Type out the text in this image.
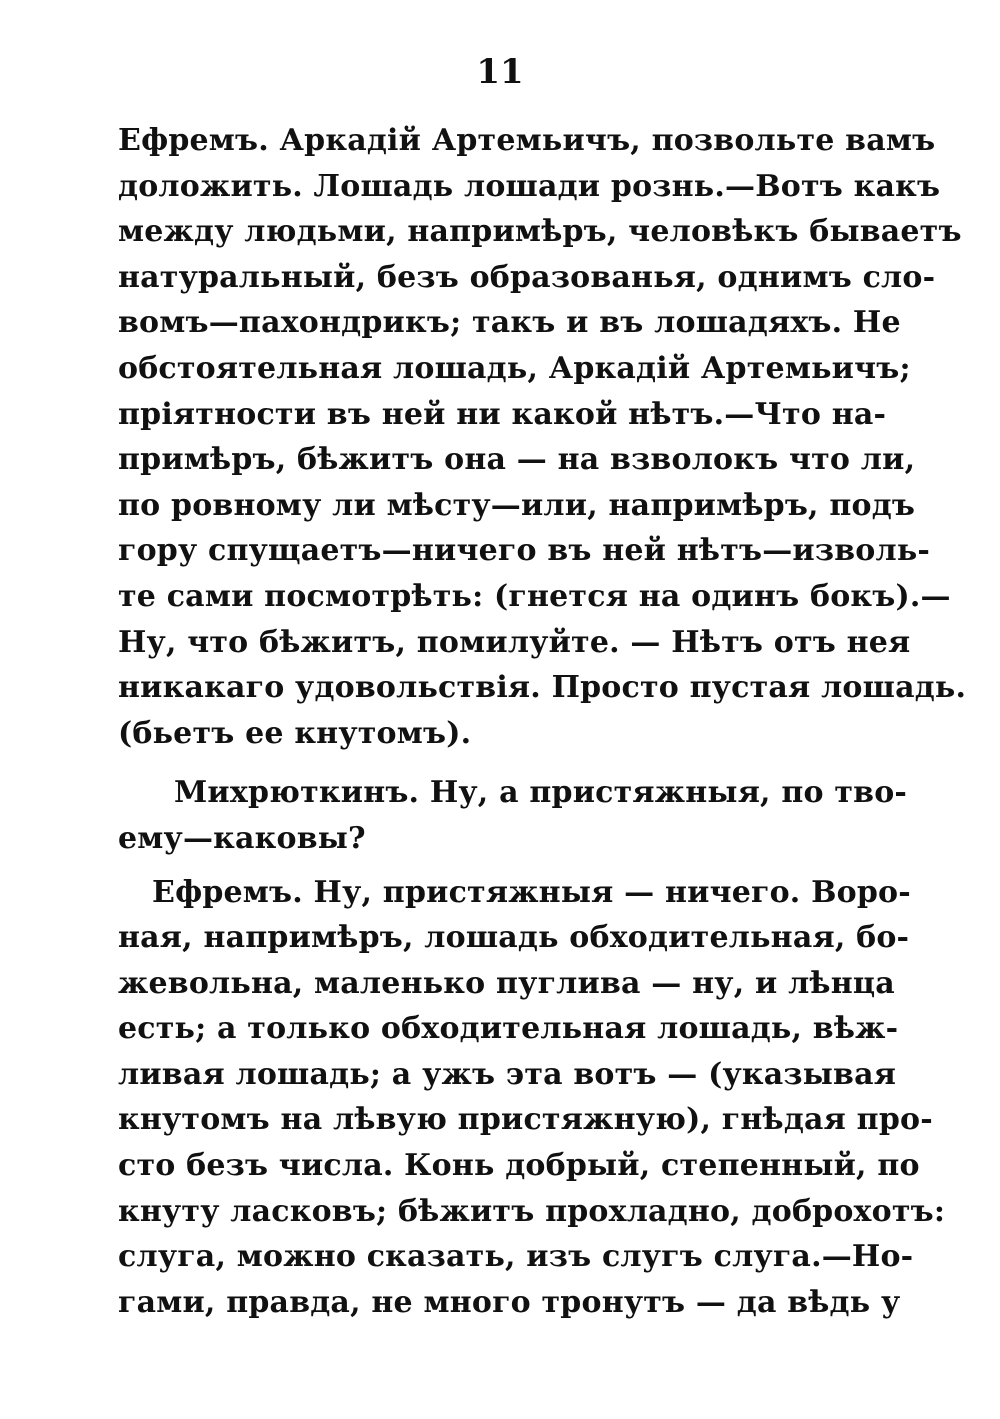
11
Ефремъ. Аркадій Артемьичъ, позвольте вамъ
доложить. Лошадь лошади рознь.—Вотъ какъ
между людьми, напримѣръ, человѣкъ бываетъ
натуральный, безъ образованья, однимъ сло-
вомъ—пахондрикъ; такъ и въ лошадяхъ. Не
обстоятельная лошадь, Аркадій Артемьичъ;
пріятности въ ней ни какой нѣтъ.—Что на-
примѣръ, бѣжитъ она — на взволокъ что ли,
по ровному ли мѣсту—или, напримѣръ, подъ
гору спущаетъ—ничего въ ней нѣтъ—изволь-
те сами посмотрѣть: (гнется на одинъ бокъ).—
Ну, что бѣжитъ, помилуйте. — Нѣтъ отъ нея
никакаго удовольствія. Просто пустая лошадь.
(бьетъ ее кнутомъ).
Михрюткинъ. Ну, а пристяжныя, по тво-
ему—каковы?
Ефремъ. Ну, пристяжныя — ничего. Воро-
ная, напримѣръ, лошадь обходительная, бо-
жевольна, маленько пуглива — ну, и лѣнца
есть; а только обходительная лошадь, вѣж-
ливая лошадь; а ужъ эта вотъ — (указывая
кнутомъ на лѣвую пристяжную), гнѣдая про-
сто безъ числа. Конь добрый, степенный, по
кнуту ласковъ; бѣжитъ прохладно, доброхотъ:
слуга, можно сказать, изъ слугъ слуга.—Но-
гами, правда, не много тронутъ — да вѣдь у
